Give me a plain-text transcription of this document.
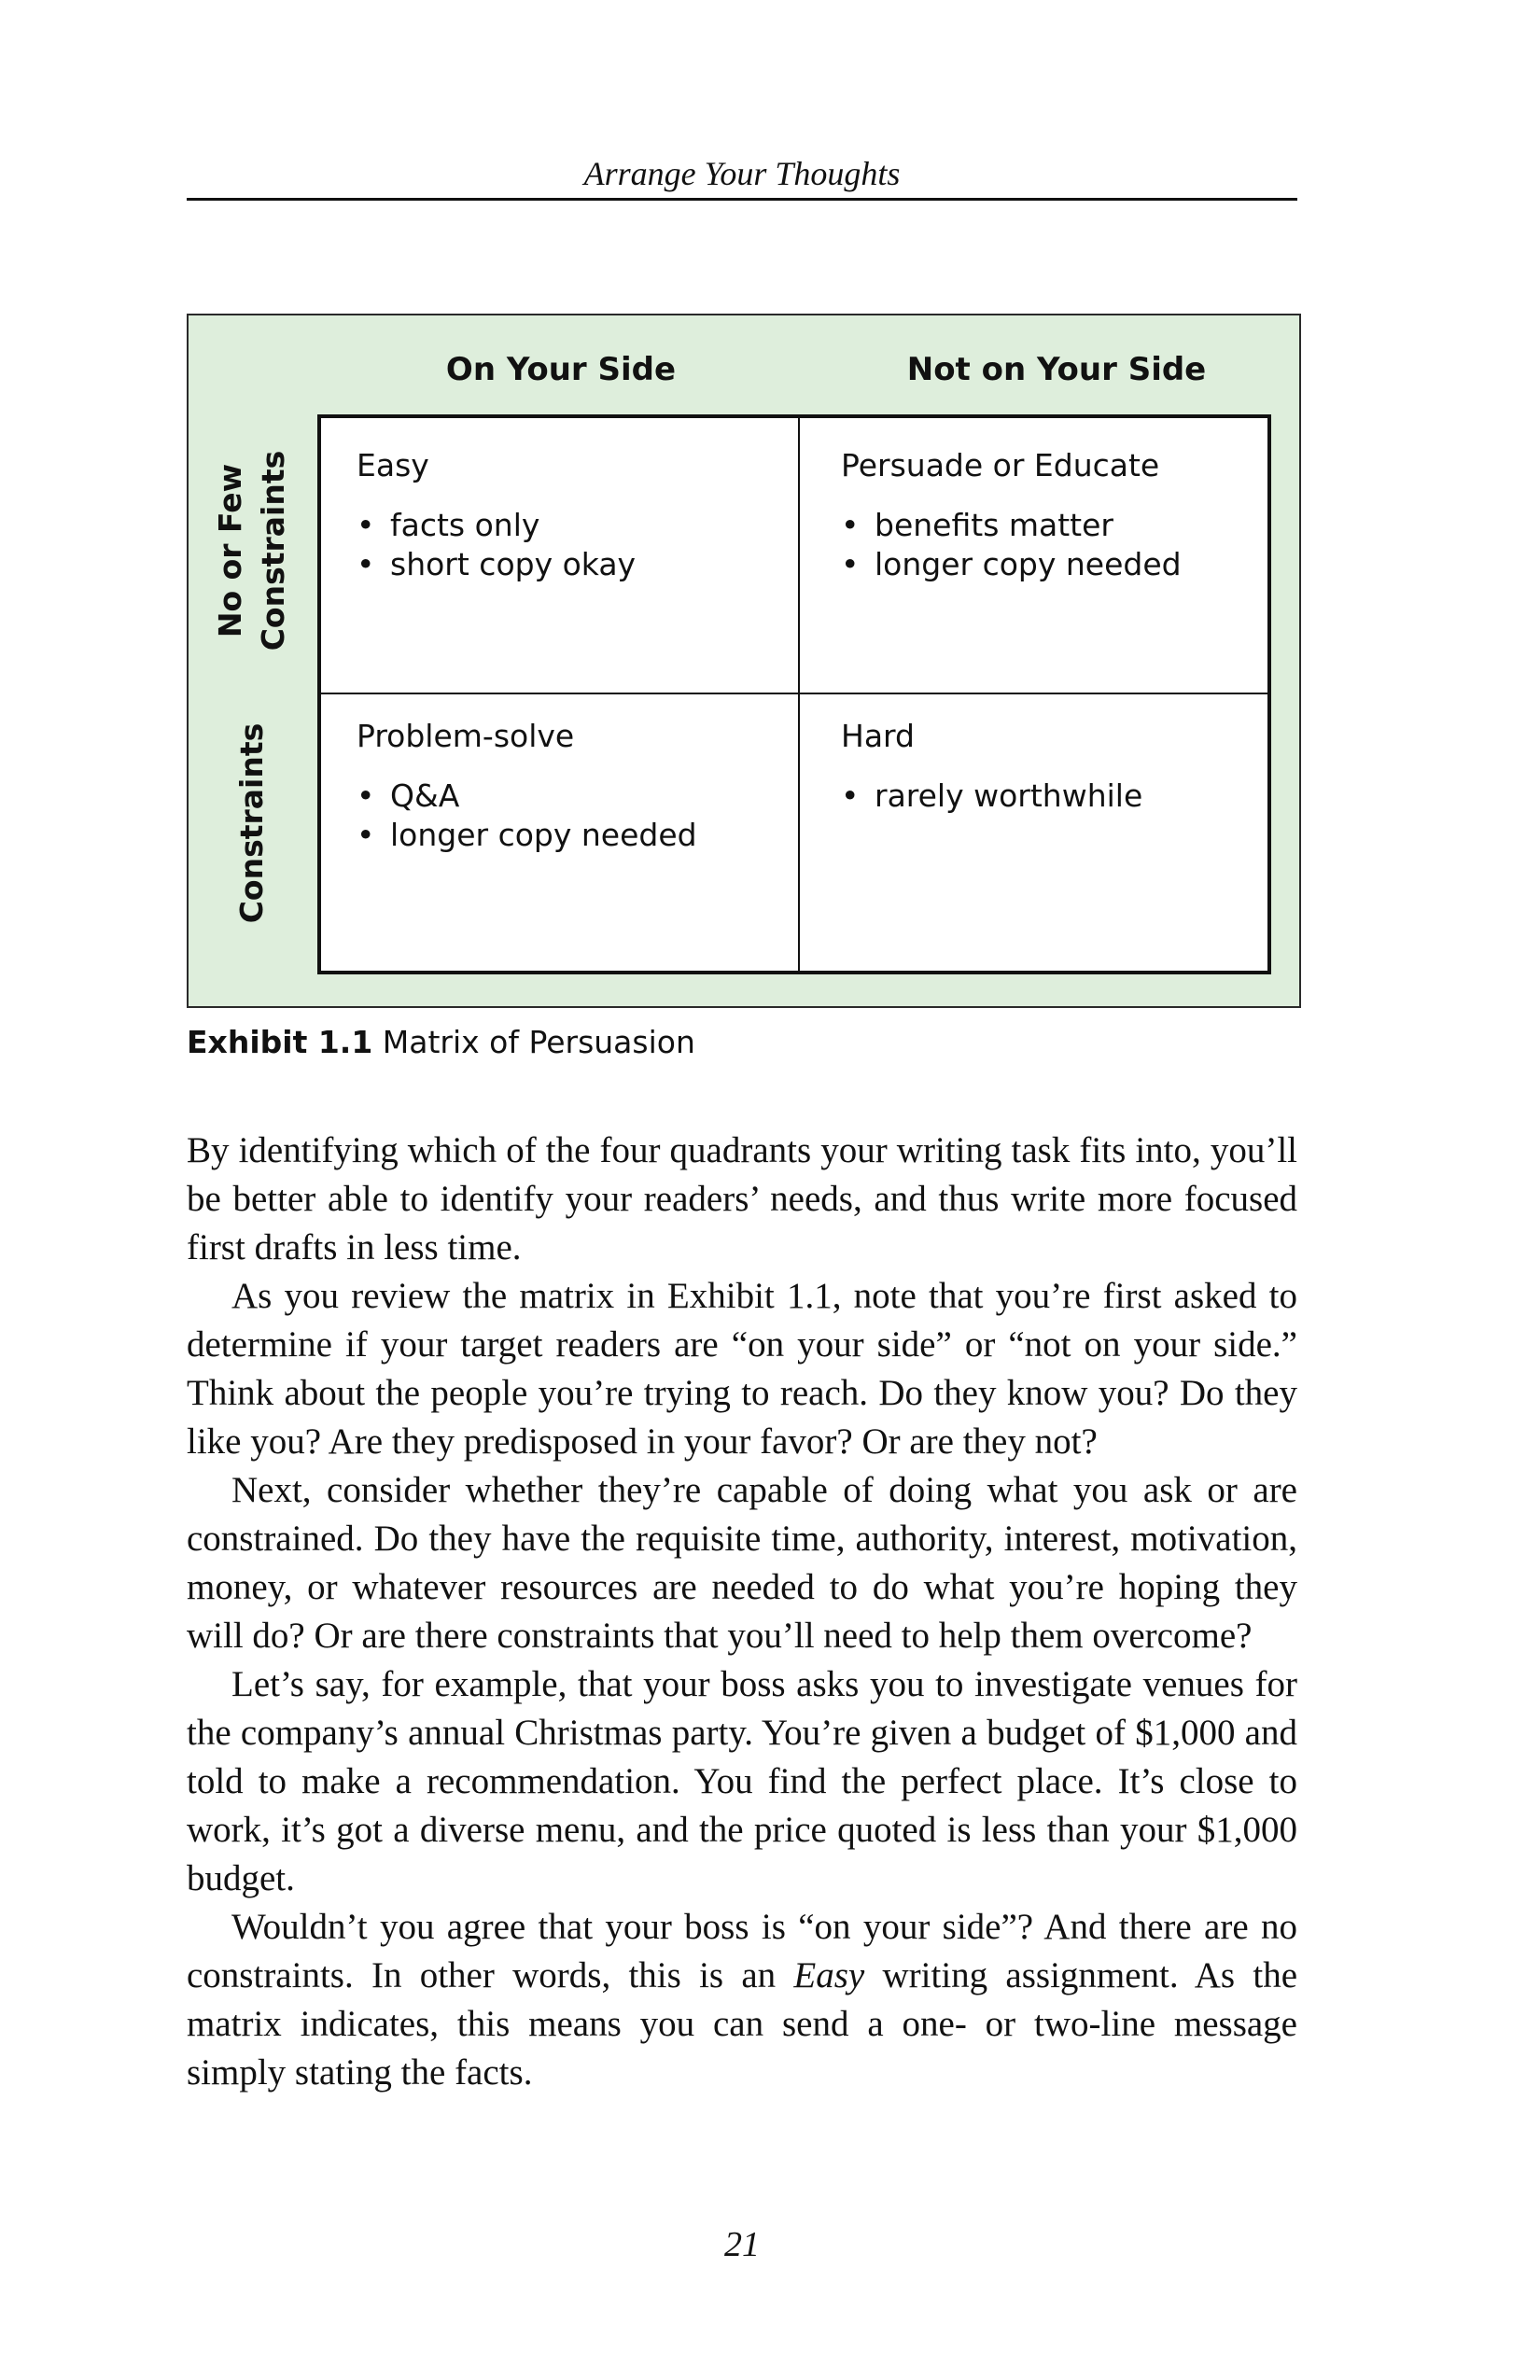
Arrange Your Thoughts
On Your Side	Not on Your Side
No or Few Constraints
Constraints
Easy
• facts only
• short copy okay
Persuade or Educate
• benefits matter
• longer copy needed
Problem-solve
• Q&A
• longer copy needed
Hard
• rarely worthwhile
Exhibit 1.1 Matrix of Persuasion

By identifying which of the four quadrants your writing task fits into, you’ll be better able to identify your readers’ needs, and thus write more focused first drafts in less time.

As you review the matrix in Exhibit 1.1, note that you’re first asked to determine if your target readers are “on your side” or “not on your side.” Think about the people you’re trying to reach. Do they know you? Do they like you? Are they predisposed in your favor? Or are they not?

Next, consider whether they’re capable of doing what you ask or are constrained. Do they have the requisite time, authority, interest, motivation, money, or whatever resources are needed to do what you’re hoping they will do? Or are there constraints that you’ll need to help them overcome?

Let’s say, for example, that your boss asks you to investigate venues for the company’s annual Christmas party. You’re given a budget of $1,000 and told to make a recommendation. You find the perfect place. It’s close to work, it’s got a diverse menu, and the price quoted is less than your $1,000 budget.

Wouldn’t you agree that your boss is “on your side”? And there are no constraints. In other words, this is an Easy writing assignment. As the matrix indicates, this means you can send a one- or two-line message simply stating the facts.

21
